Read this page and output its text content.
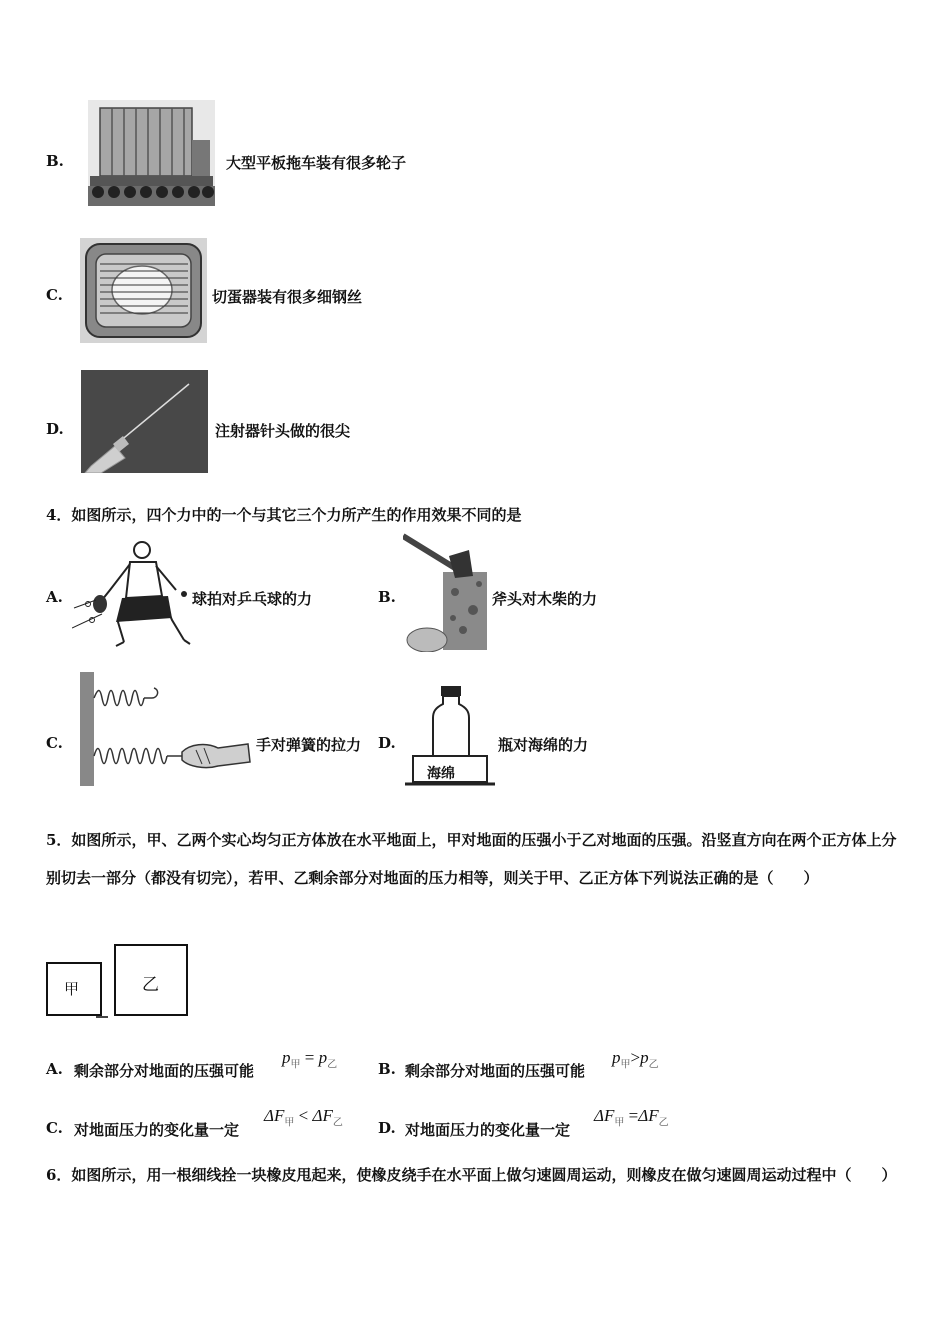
B.	大型平板拖车装有很多轮子
C.	切蛋器装有很多细钢丝
D.	注射器针头做的很尖
4．如图所示，四个力中的一个与其它三个力所产生的作用效果不同的是
A.	球拍对乒乓球的力	B.	斧头对木柴的力
C.	手对弹簧的拉力 D.
海绵
瓶对海绵的力
5．如图所示，甲、乙两个实心均匀正方体放在水平地面上，甲对地面的压强小于乙对地面的压强。沿竖直方向在两个正方体上分别切去一部分（都没有切完），若甲、乙剩余部分对地面的压力相等，则关于甲、乙正方体下列说法正确的是（　　）
甲	乙
A. 剩余部分对地面的压强可能
$p_甲 = p_乙$	B. 剩余部分对地面的压强可能
$p_甲>p_乙$
C. 对地面压力的变化量一定
$\Delta F_甲 < \Delta F_乙$ D. 对地面压力的变化量一定
$\Delta F_甲 =\Delta F_乙$
6．如图所示，用一根细线拴一块橡皮甩起来，使橡皮绕手在水平面上做匀速圆周运动，则橡皮在做匀速圆周运动过程中（　　）
